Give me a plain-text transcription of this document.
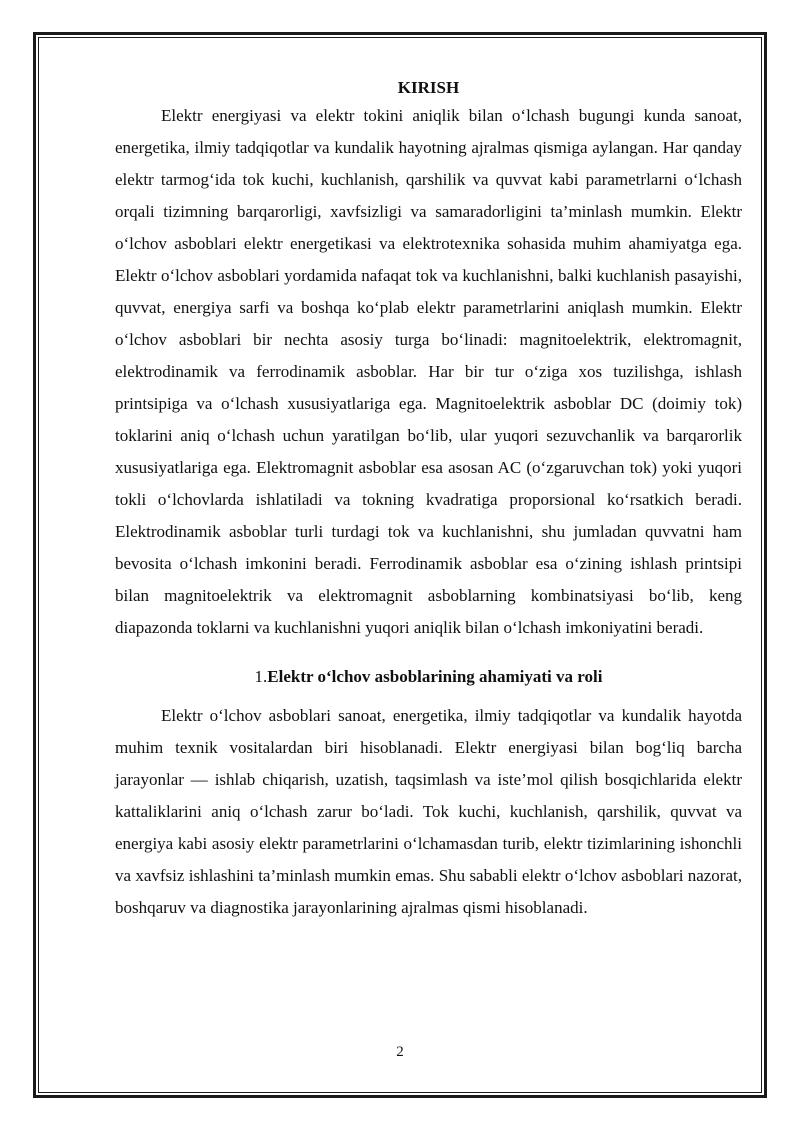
KIRISH

Elektr energiyasi va elektr tokini aniqlik bilan o‘lchash bugungi kunda sanoat, energetika, ilmiy tadqiqotlar va kundalik hayotning ajralmas qismiga aylangan. Har qanday elektr tarmog‘ida tok kuchi, kuchlanish, qarshilik va quvvat kabi parametrlarni o‘lchash orqali tizimning barqarorligi, xavfsizligi va samaradorligini ta’minlash mumkin. Elektr o‘lchov asboblari elektr energetikasi va elektrotexnika sohasida muhim ahamiyatga ega. Elektr o‘lchov asboblari yordamida nafaqat tok va kuchlanishni, balki kuchlanish pasayishi, quvvat, energiya sarfi va boshqa ko‘plab elektr parametrlarini aniqlash mumkin. Elektr o‘lchov asboblari bir nechta asosiy turga bo‘linadi: magnitoelektrik, elektromagnit, elektrodinamik va ferrodinamik asboblar. Har bir tur o‘ziga xos tuzilishga, ishlash printsipiga va o‘lchash xususiyatlariga ega. Magnitoelektrik asboblar DC (doimiy tok) toklarini aniq o‘lchash uchun yaratilgan bo‘lib, ular yuqori sezuvchanlik va barqarorlik xususiyatlariga ega. Elektromagnit asboblar esa asosan AC (o‘zgaruvchan tok) yoki yuqori tokli o‘lchovlarda ishlatiladi va tokning kvadratiga proporsional ko‘rsatkich beradi. Elektrodinamik asboblar turli turdagi tok va kuchlanishni, shu jumladan quvvatni ham bevosita o‘lchash imkonini beradi. Ferrodinamik asboblar esa o‘zining ishlash printsipi bilan magnitoelektrik va elektromagnit asboblarning kombinatsiyasi bo‘lib, keng diapazonda toklarni va kuchlanishni yuqori aniqlik bilan o‘lchash imkoniyatini beradi.

1.Elektr o‘lchov asboblarining ahamiyati va roli

Elektr o‘lchov asboblari sanoat, energetika, ilmiy tadqiqotlar va kundalik hayotda muhim texnik vositalardan biri hisoblanadi. Elektr energiyasi bilan bog‘liq barcha jarayonlar — ishlab chiqarish, uzatish, taqsimlash va iste’mol qilish bosqichlarida elektr kattaliklarini aniq o‘lchash zarur bo‘ladi. Tok kuchi, kuchlanish, qarshilik, quvvat va energiya kabi asosiy elektr parametrlarini o‘lchamasdan turib, elektr tizimlarining ishonchli va xavfsiz ishlashini ta’minlash mumkin emas. Shu sababli elektr o‘lchov asboblari nazorat, boshqaruv va diagnostika jarayonlarining ajralmas qismi hisoblanadi.

2
